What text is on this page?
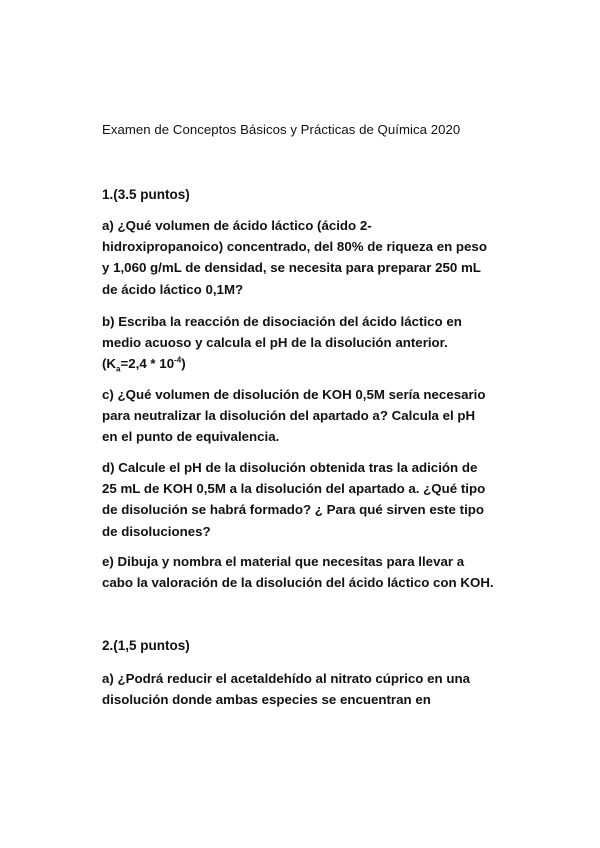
Examen de Conceptos Básicos y Prácticas de Química 2020
1.(3.5 puntos)
a) ¿Qué volumen de ácido láctico (ácido 2-
hidroxipropanoico) concentrado, del 80% de riqueza en peso
y 1,060 g/mL de densidad, se necesita para preparar 250 mL
de ácido láctico 0,1M?
b) Escriba la reacción de disociación del ácido láctico en
medio acuoso y calcula el pH de la disolución anterior.
$(K_a=2,4 * 10^{-4})$
c) ¿Qué volumen de disolución de KOH 0,5M sería necesario
para neutralizar la disolución del apartado a? Calcula el pH
en el punto de equivalencia.
d) Calcule el pH de la disolución obtenida tras la adición de
25 mL de KOH 0,5M a la disolución del apartado a. ¿Qué tipo
de disolución se habrá formado? ¿ Para qué sirven este tipo
de disoluciones?
e) Dibuja y nombra el material que necesitas para llevar a
cabo la valoración de la disolución del ácido láctico con KOH.
2.(1,5 puntos)
a) ¿Podrá reducir el acetaldehído al nitrato cúprico en una
disolución donde ambas especies se encuentran en
